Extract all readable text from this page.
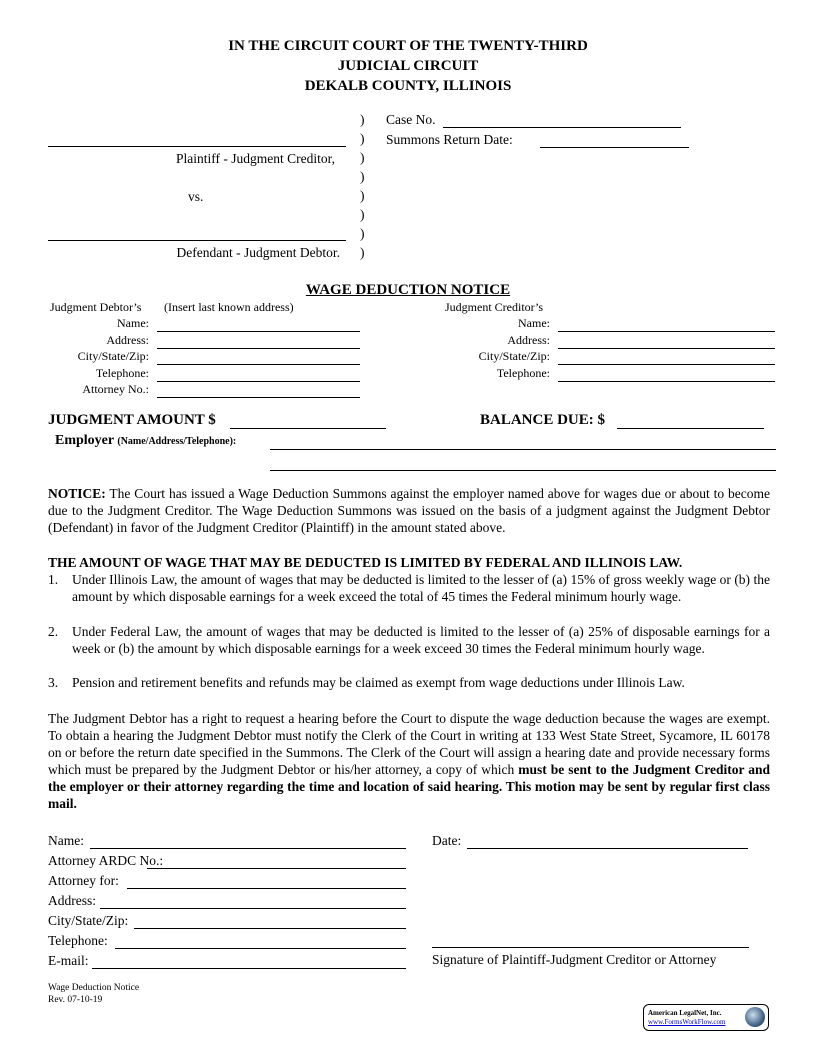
IN THE CIRCUIT COURT OF THE TWENTY-THIRD
JUDICIAL CIRCUIT
DEKALB COUNTY, ILLINOIS
Plaintiff - Judgment Creditor,
vs.
Defendant - Judgment Debtor.
)
)
)
)
)
)
)
)
Case No.
Summons Return Date:
WAGE DEDUCTION NOTICE
Judgment Debtor’s (Insert last known address)	Judgment Creditor’s
Name:
Address:
City/State/Zip:
Telephone:
Attorney No.:
Name:
Address:
City/State/Zip:
Telephone:
JUDGMENT AMOUNT $	BALANCE DUE: $
Employer (Name/Address/Telephone):
NOTICE: The Court has issued a Wage Deduction Summons against the employer named above for wages due or about to become due to the Judgment Creditor. The Wage Deduction Summons was issued on the basis of a judgment against the Judgment Debtor (Defendant) in favor of the Judgment Creditor (Plaintiff) in the amount stated above.
THE AMOUNT OF WAGE THAT MAY BE DEDUCTED IS LIMITED BY FEDERAL AND ILLINOIS LAW.
1. Under Illinois Law, the amount of wages that may be deducted is limited to the lesser of (a) 15% of gross weekly wage or (b) the amount by which disposable earnings for a week exceed the total of 45 times the Federal minimum hourly wage.
2. Under Federal Law, the amount of wages that may be deducted is limited to the lesser of (a) 25% of disposable earnings for a week or (b) the amount by which disposable earnings for a week exceed 30 times the Federal minimum hourly wage.
3. Pension and retirement benefits and refunds may be claimed as exempt from wage deductions under Illinois Law.
The Judgment Debtor has a right to request a hearing before the Court to dispute the wage deduction because the wages are exempt. To obtain a hearing the Judgment Debtor must notify the Clerk of the Court in writing at 133 West State Street, Sycamore, IL 60178 on or before the return date specified in the Summons. The Clerk of the Court will assign a hearing date and provide necessary forms which must be prepared by the Judgment Debtor or his/her attorney, a copy of which must be sent to the Judgment Creditor and the employer or their attorney regarding the time and location of said hearing. This motion may be sent by regular first class mail.
Name:
Attorney ARDC No.:
Attorney for:
Address:
City/State/Zip:
Telephone:
E-mail:
Date:
Signature of Plaintiff-Judgment Creditor or Attorney
Wage Deduction Notice
Rev. 07-10-19
American LegalNet, Inc.
www.FormsWorkFlow.com
